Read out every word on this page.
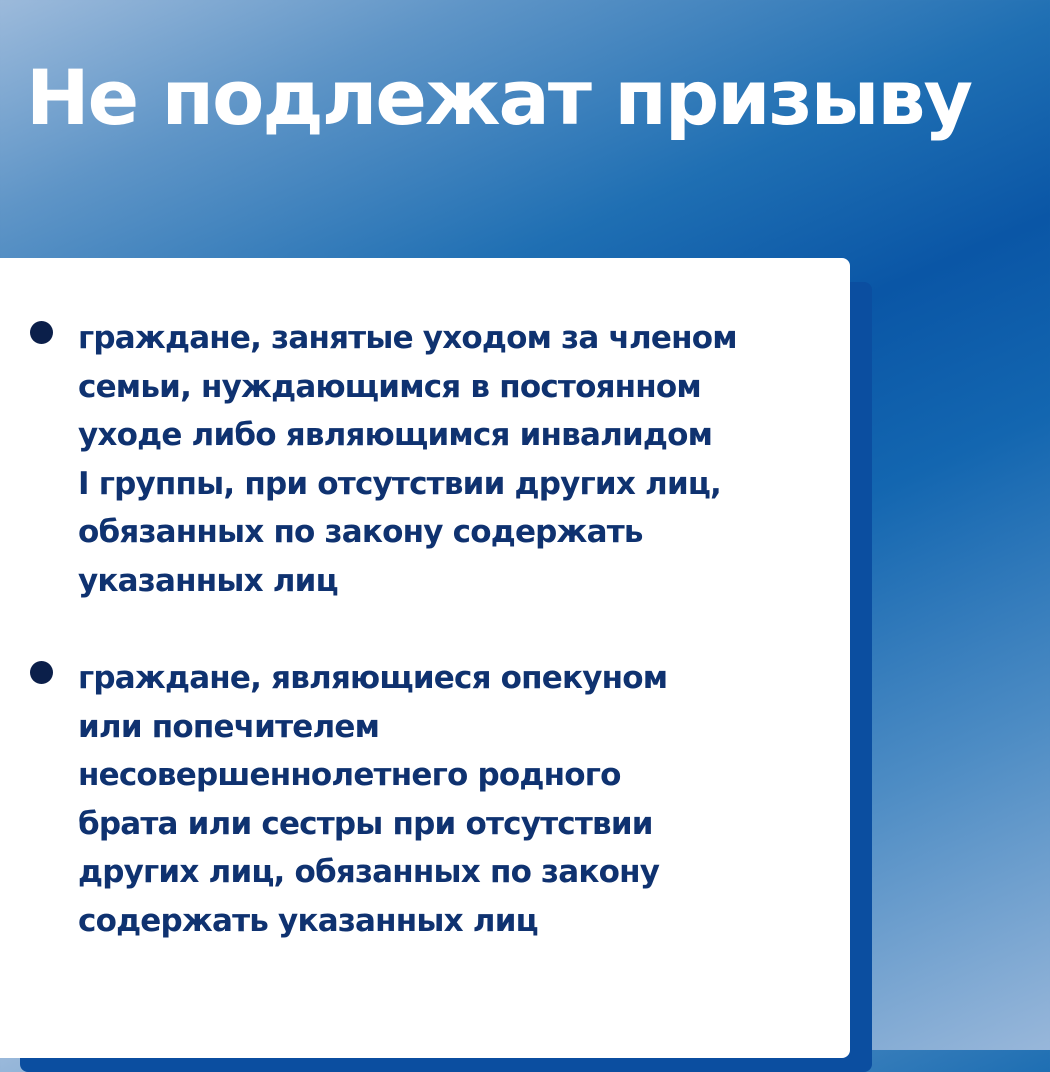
Не подлежат призыву
граждане, занятые уходом за членом
семьи, нуждающимся в постоянном
уходе либо являющимся инвалидом
I группы, при отсутствии других лиц,
обязанных по закону содержать
указанных лиц
граждане, являющиеся опекуном
или попечителем
несовершеннолетнего родного
брата или сестры при отсутствии
других лиц, обязанных по закону
содержать указанных лиц
